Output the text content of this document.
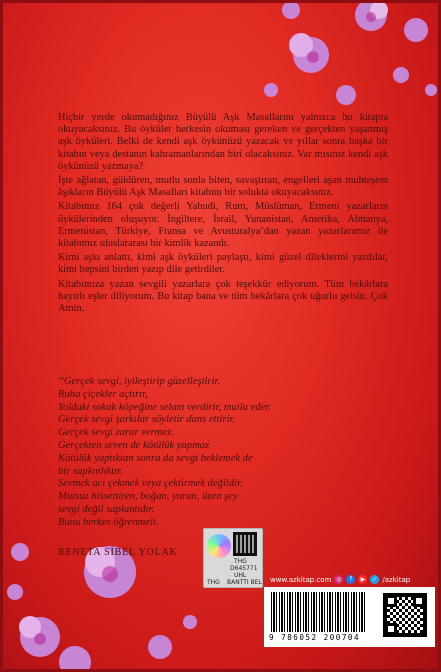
Hiçbir yerde okumadığınız Büyülü Aşk Masallarını yalnızca bu kitapta okuyacaksınız. Bu öyküler herkesin okuması gereken ve gerçekten yaşanmış aşk öyküleri. Belki de kendi aşk öykünüzü yazacak ve yıllar sonra başka bir kitabın veya destanın kahramanlarından biri olacaksınız. Var mısınız kendi aşk öykünüzü yazmaya?

İşte ağlatan, güldüren, mutlu sonla biten, savaştıran, engelleri aşan muhteşem âşıkların Büyülü Aşk Masalları kitabını bir solukta okuyacaksınız.

Kitabımız 164 çok değerli Yahudi, Rum, Müslüman, Ermeni yazarların öykülerinden oluşuyor. İngiltere, İsrail, Yunanistan, Amerika, Almanya, Ermenistan, Türkiye, Fransa ve Avusturalya’dan yazan yazarlarımız ile kitabımız uluslararası bir kimlik kazandı.

Kimi aşkı anlattı, kimi aşk öyküleri paylaştı, kimi güzel dileklerini yazdılar, kimi hepsini birden yazıp dile getirdiler.

Kitabımıza yazan sevgili yazarlara çok teşekkür ediyorum. Tüm bekârlara hayırlı eşler diliyorum. Bu kitap bana ve tüm bekârlara çok uğurlu gelsin. Çok Amin.

“Gerçek sevgi, iyileştirip güzelleştirir.
Ruha çiçekler açtırır,
Yoldaki sokak köpeğine selam verdirir, mutlu eder.
Gerçek sevgi şarkılar söyletir dans ettirir.
Gerçek sevgi zarar vermez.
Gerçekten seven de kötülük yapmaz
Kötülük yaptıktan sonra da sevgi beklemek de
bir sapkınlıktır.
Sevmek acı çekmek veya çektirmek değildir.
Mutsuz hissettiren, boğan, yoran, üzen şey
sevgi değil saplantıdır.
Bunu herkes öğrenmeli.
RENETA SİBEL YOLAK
THG
D645771
UHL
THG BANTTI BEL www.azkitap.com ◎	f	▶	✓ /azkitap
9 786052 200704
